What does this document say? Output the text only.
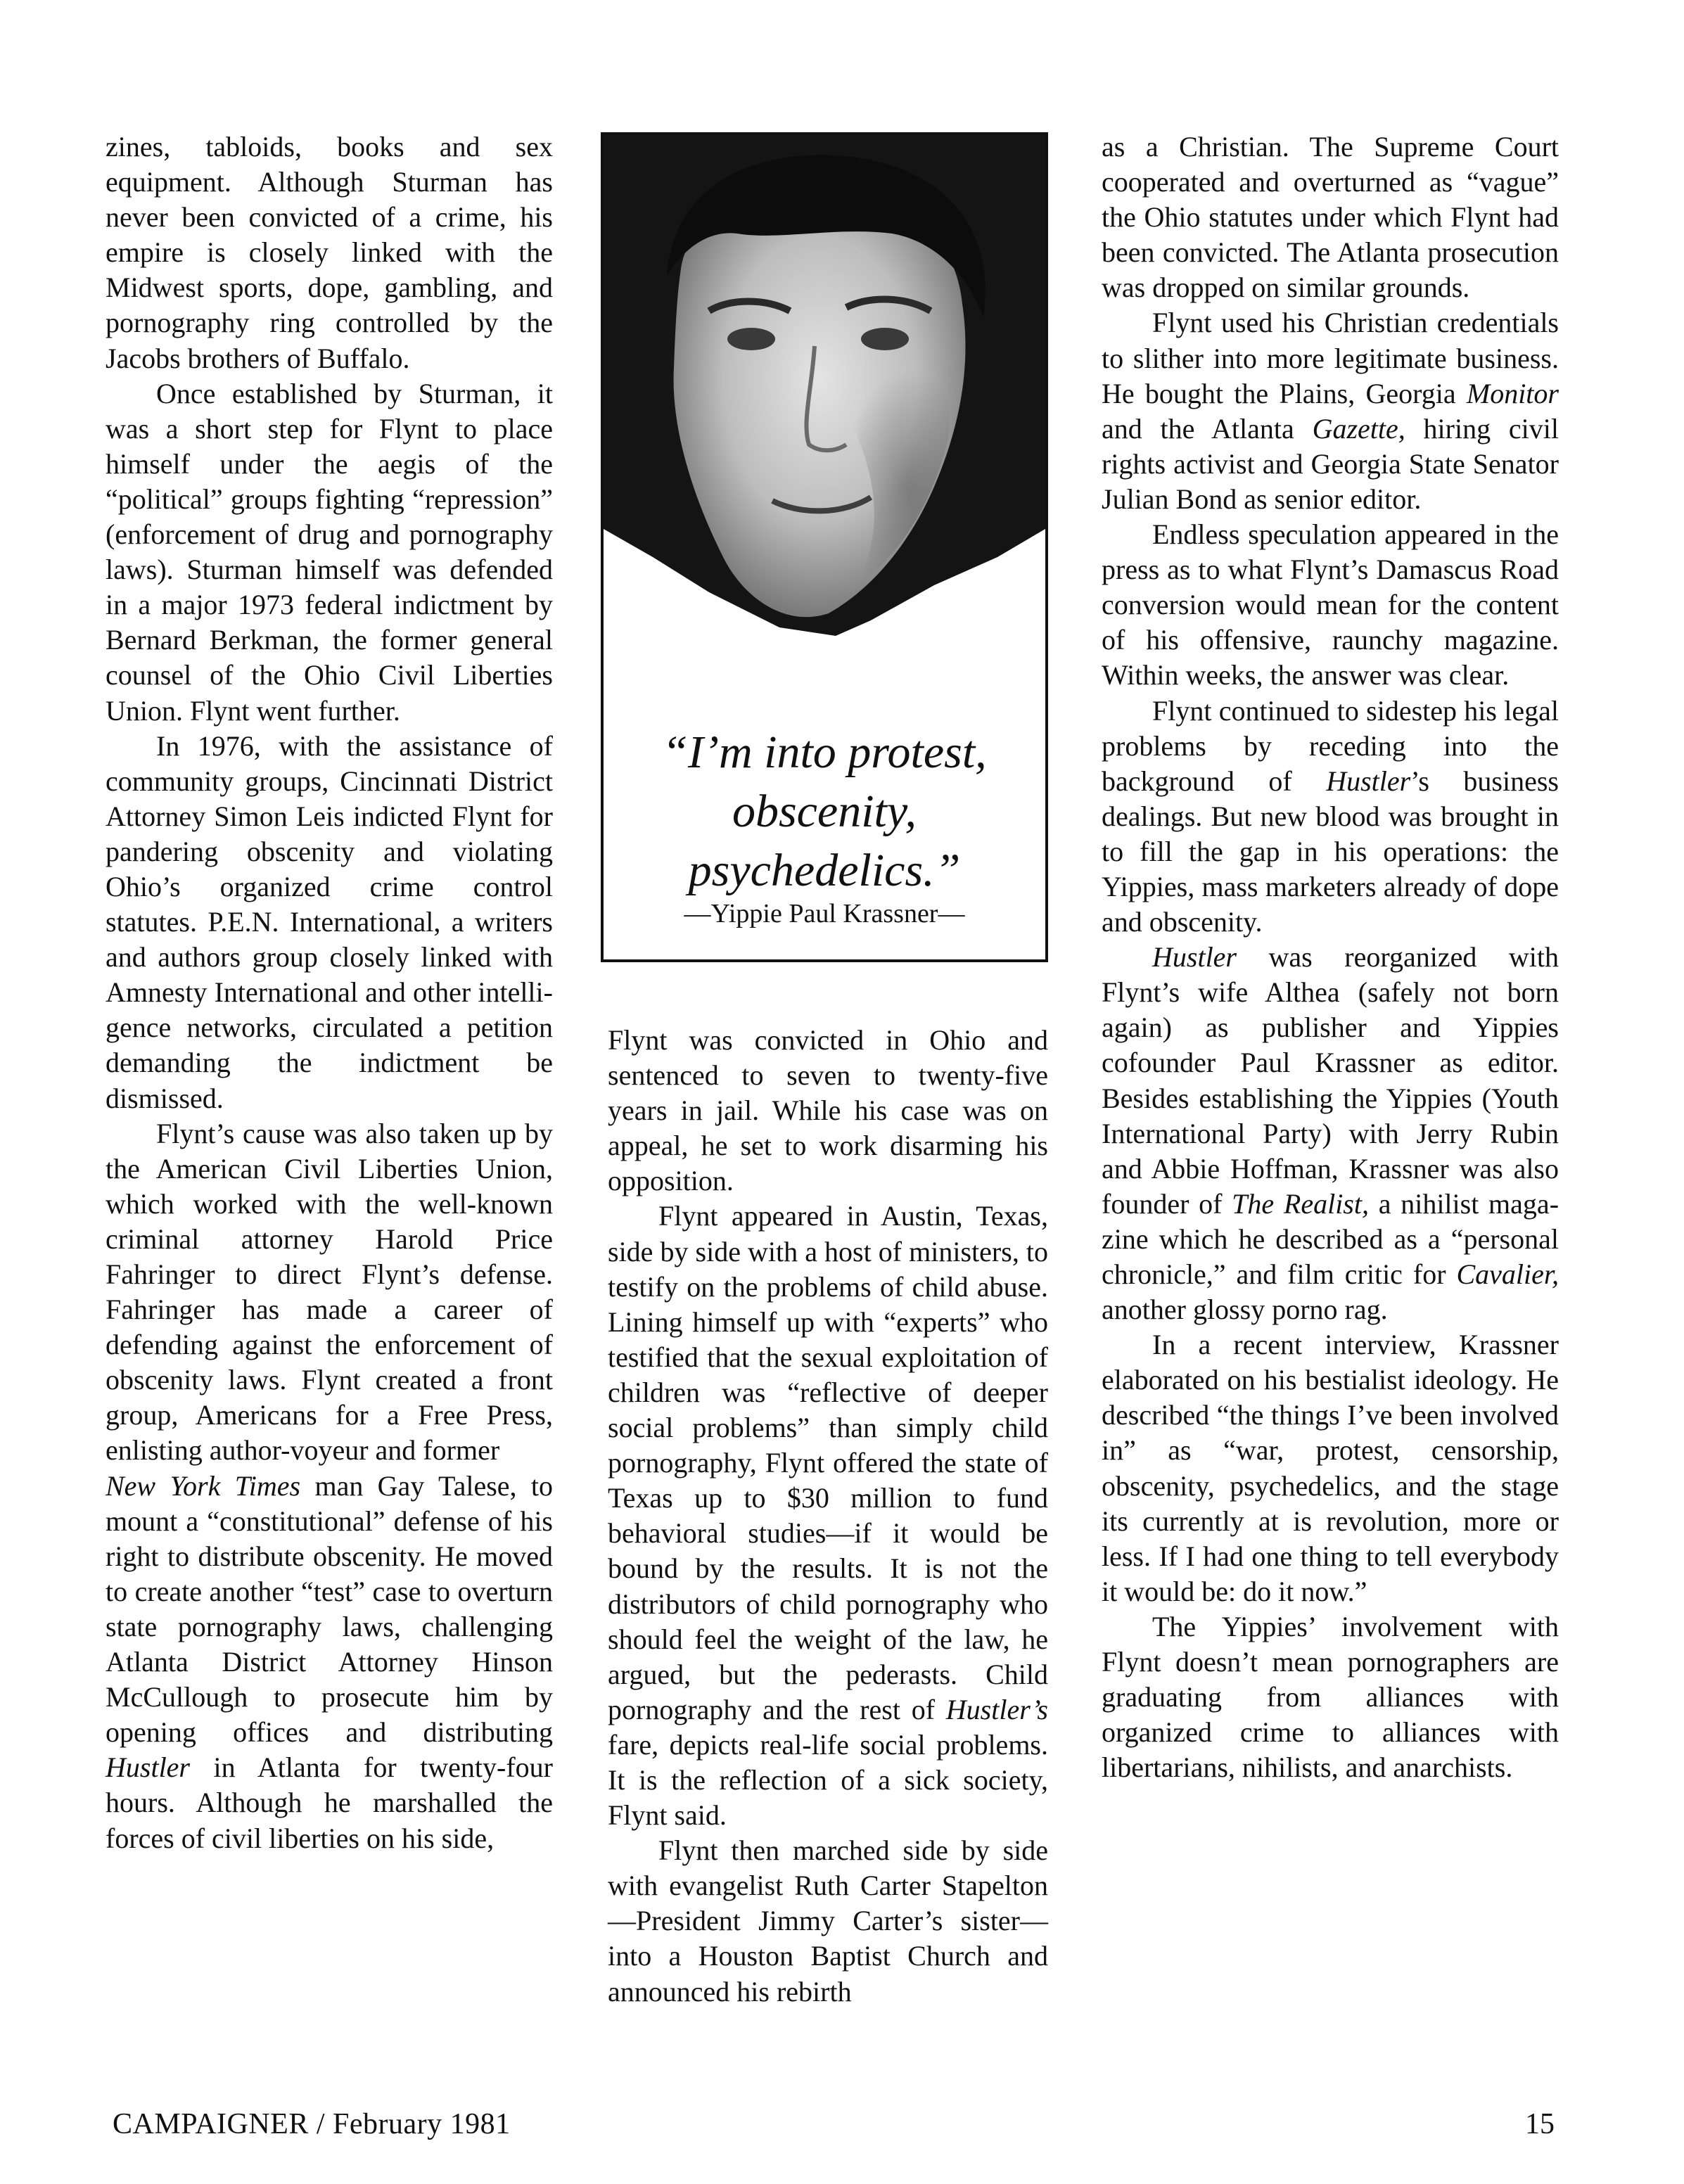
zines, tabloids, books and sex equipment. Although Sturman has never been convicted of a crime, his empire is closely linked with the Midwest sports, dope, gambling, and pornography ring controlled by the Jacobs brothers of Buffalo.

Once established by Sturman, it was a short step for Flynt to place himself under the aegis of the “political” groups fighting “repression” (enforcement of drug and pornography laws). Sturman himself was defended in a major 1973 federal indictment by Bernard Berkman, the former general counsel of the Ohio Civil Liberties Union. Flynt went further.

In 1976, with the assistance of community groups, Cincinnati District Attorney Simon Leis indicted Flynt for pandering obscenity and violating Ohio’s organized crime control statutes. P.E.N. International, a writers and authors group closely linked with Amnesty International and other intelligence networks, circulated a petition demanding the indictment be dismissed.

Flynt’s cause was also taken up by the American Civil Liberties Union, which worked with the well-known criminal attorney Harold Price Fahringer to direct Flynt’s defense. Fahringer has made a career of defending against the enforcement of obscenity laws. Flynt created a front group, Americans for a Free Press, enlisting author-voyeur and former
New York Times man Gay Talese, to mount a “constitutional” defense of his right to distribute obscenity. He moved to create another “test” case to overturn state pornography laws, challenging Atlanta District Attorney Hinson McCullough to prosecute him by opening offices and distributing Hustler in Atlanta for twenty-four hours. Although he marshalled the forces of civil liberties on his side,

“I’m into protest,
obscenity,
psychedelics.”
—Yippie Paul Krassner—

Flynt was convicted in Ohio and sentenced to seven to twenty-five years in jail. While his case was on appeal, he set to work disarming his opposition.

Flynt appeared in Austin, Texas, side by side with a host of ministers, to testify on the problems of child abuse. Lining himself up with “experts” who testified that the sexual exploitation of children was “reflective of deeper social problems” than simply child pornography, Flynt offered the state of Texas up to $30 million to fund behavioral studies—if it would be bound by the results. It is not the distributors of child pornography who should feel the weight of the law, he argued, but the pederasts. Child pornography and the rest of Hustler’s fare, depicts real-life social problems. It is the reflection of a sick society, Flynt said.

Flynt then marched side by side with evangelist Ruth Carter Stapelton—President Jimmy Carter’s sister—into a Houston Baptist Church and announced his rebirth

as a Christian. The Supreme Court cooperated and overturned as “vague” the Ohio statutes under which Flynt had been convicted. The Atlanta prosecution was dropped on similar grounds.

Flynt used his Christian credentials to slither into more legitimate business. He bought the Plains, Georgia Monitor and the Atlanta Gazette, hiring civil rights activist and Georgia State Senator Julian Bond as senior editor.

Endless speculation appeared in the press as to what Flynt’s Damascus Road conversion would mean for the content of his offensive, raunchy magazine. Within weeks, the answer was clear.

Flynt continued to sidestep his legal problems by receding into the background of Hustler’s business dealings. But new blood was brought in to fill the gap in his operations: the Yippies, mass marketers already of dope and obscenity.

Hustler was reorganized with Flynt’s wife Althea (safely not born again) as publisher and Yippies cofounder Paul Krassner as editor. Besides establishing the Yippies (Youth International Party) with Jerry Rubin and Abbie Hoffman, Krassner was also founder of The Realist, a nihilist magazine which he described as a “personal chronicle,” and film critic for Cavalier, another glossy porno rag.

In a recent interview, Krassner elaborated on his bestialist ideology. He described “the things I’ve been involved in” as “war, protest, censorship, obscenity, psychedelics, and the stage its currently at is revolution, more or less. If I had one thing to tell everybody it would be: do it now.”

The Yippies’ involvement with Flynt doesn’t mean pornographers are graduating from alliances with organized crime to alliances with libertarians, nihilists, and anarchists.

CAMPAIGNER / February 1981	15
